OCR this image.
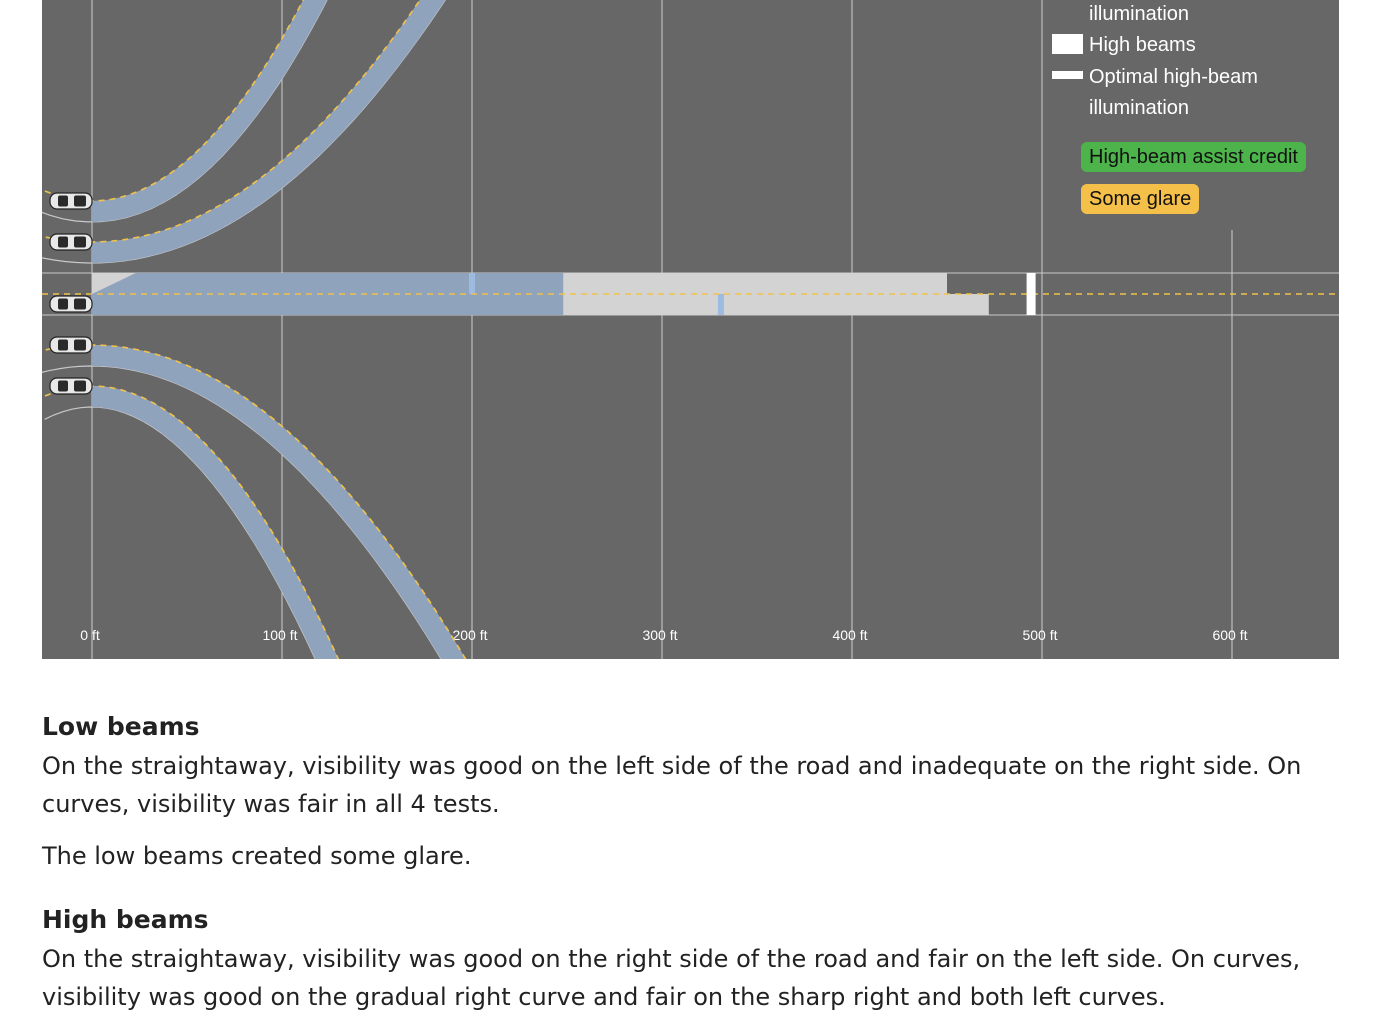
0 ft	100 ft	200 ft	300 ft	400 ft	500 ft	600 ft
illumination
High beams
Optimal high-beam
illumination
High-beam assist credit
Some glare
Low beams

On the straightaway, visibility was good on the left side of the road and inadequate on the right side. On curves, visibility was fair in all 4 tests.

The low beams created some glare.

High beams

On the straightaway, visibility was good on the right side of the road and fair on the left side. On curves, visibility was good on the gradual right curve and fair on the sharp right and both left curves.
